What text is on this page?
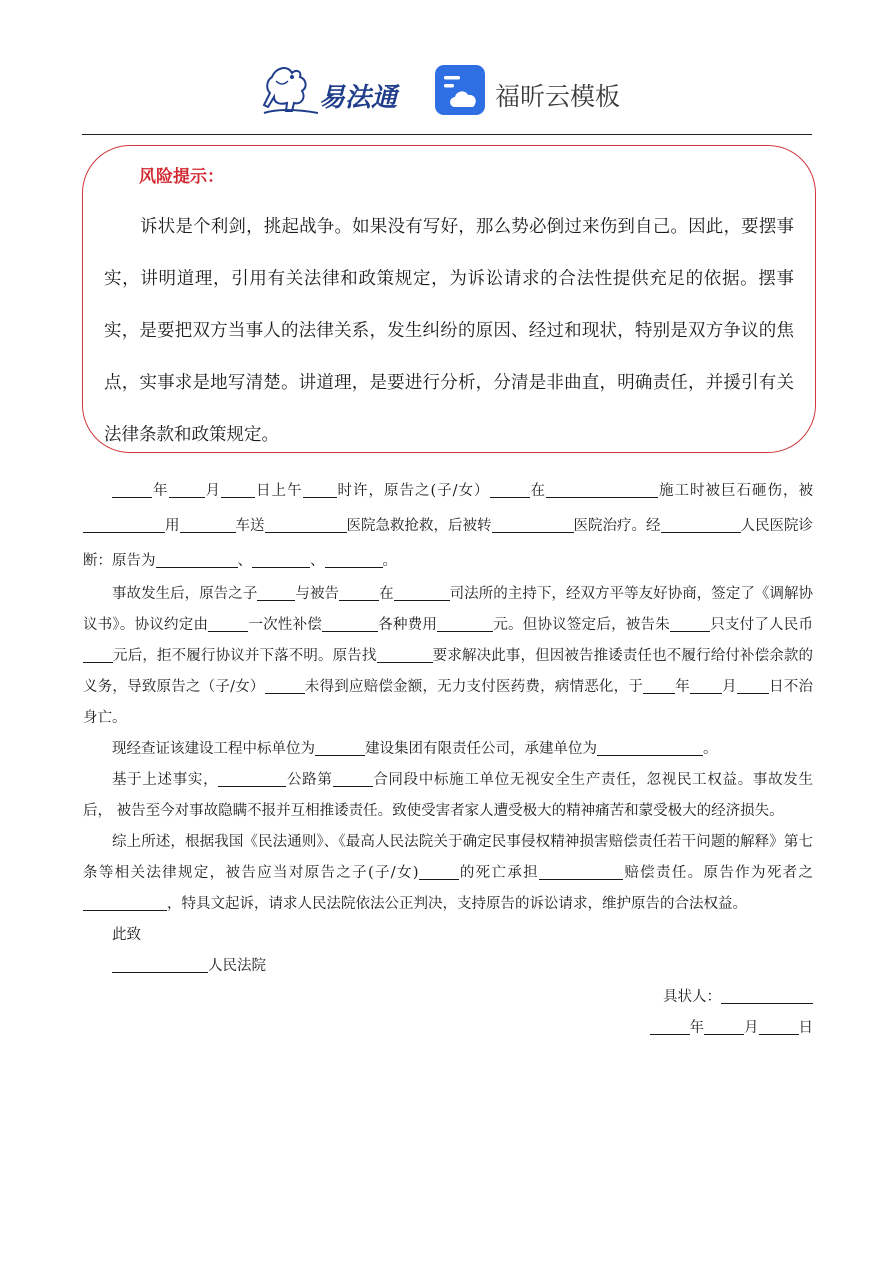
易法通	福昕云模板
风险提示：
诉状是个利剑，挑起战争。如果没有写好，那么势必倒过来伤到自己。因此，要摆事实，讲明道理，引用有关法律和政策规定，为诉讼请求的合法性提供充足的依据。摆事实，是要把双方当事人的法律关系，发生纠纷的原因、经过和现状，特别是双方争议的焦点，实事求是地写清楚。讲道理，是要进行分析，分清是非曲直，明确责任，并援引有关法律条款和政策规定。

年 月 日上午 时许，原告之(子/女）	在	施工时被巨石砸伤，被用	车送	医院急救抢救，后被转	医院治疗。经	人民医院诊断：原告为	、	、	。

事故发生后，原告之子	与被告	在	司法所的主持下，经双方平等友好协商，签定了《调解协议书》。协议约定由	一次性补偿	各种费用	元。但协议签定后，被告朱	只支付了人民币元后，拒不履行协议并下落不明。原告找	要求解决此事，但因被告推诿责任也不履行给付补偿余款的义务，导致原告之（子/女）	未得到应赔偿金额，无力支付医药费，病情恶化，于 年 月 日不治身亡。

现经查证该建设工程中标单位为	建设集团有限责任公司，承建单位为	。

基于上述事实，	公路第	合同段中标施工单位无视安全生产责任，忽视民工权益。事故发生后， 被告至今对事故隐瞒不报并互相推诿责任。致使受害者家人遭受极大的精神痛苦和蒙受极大的经济损失。

综上所述，根据我国《民法通则》、《最高人民法院关于确定民事侵权精神损害赔偿责任若干问题的解释》第七条等相关法律规定，被告应当对原告之子(子/女)	的死亡承担	赔偿责任。原告作为死者之，特具文起诉，请求人民法院依法公正判决，支持原告的诉讼请求，维护原告的合法权益。

此致

人民法院

具状人：

年	月	日
